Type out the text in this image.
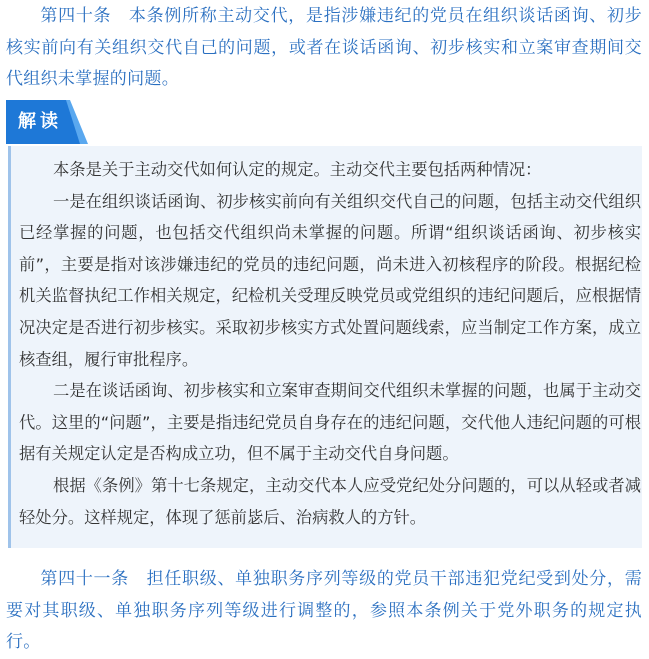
第四十条　本条例所称主动交代，是指涉嫌违纪的党员在组织谈话函询、初步核实前向有关组织交代自己的问题，或者在谈话函询、初步核实和立案审查期间交代组织未掌握的问题。

本条是关于主动交代如何认定的规定。主动交代主要包括两种情况：

一是在组织谈话函询、初步核实前向有关组织交代自己的问题，包括主动交代组织已经掌握的问题，也包括交代组织尚未掌握的问题。所谓“组织谈话函询、初步核实前”，主要是指对该涉嫌违纪的党员的违纪问题，尚未进入初核程序的阶段。根据纪检机关监督执纪工作相关规定，纪检机关受理反映党员或党组织的违纪问题后，应根据情况决定是否进行初步核实。采取初步核实方式处置问题线索，应当制定工作方案，成立核查组，履行审批程序。

二是在谈话函询、初步核实和立案审查期间交代组织未掌握的问题，也属于主动交代。这里的“问题”，主要是指违纪党员自身存在的违纪问题，交代他人违纪问题的可根据有关规定认定是否构成立功，但不属于主动交代自身问题。

根据《条例》第十七条规定，主动交代本人应受党纪处分问题的，可以从轻或者减轻处分。这样规定，体现了惩前毖后、治病救人的方针。

解读

第四十一条　担任职级、单独职务序列等级的党员干部违犯党纪受到处分，需要对其职级、单独职务序列等级进行调整的，参照本条例关于党外职务的规定执行。
